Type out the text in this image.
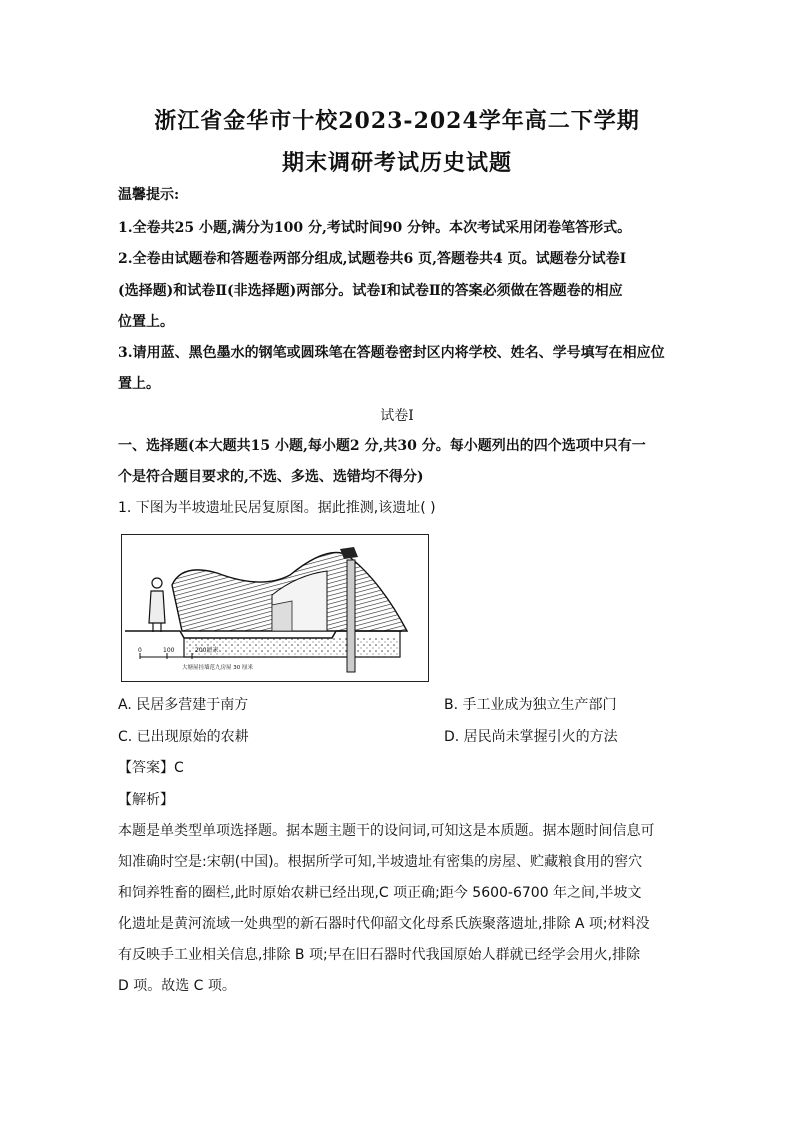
浙江省金华市十校2023-2024学年高二下学期
期末调研考试历史试题
温馨提示:
1.全卷共25 小题,满分为100 分,考试时间90 分钟。本次考试采用闭卷笔答形式。
2.全卷由试题卷和答题卷两部分组成,试题卷共6 页,答题卷共4 页。试题卷分试卷Ⅰ
(选择题)和试卷Ⅱ(非选择题)两部分。试卷Ⅰ和试卷Ⅱ的答案必须做在答题卷的相应
位置上。
3.请用蓝、黑色墨水的钢笔或圆珠笔在答题卷密封区内将学校、姓名、学号填写在相应位
置上。
试卷Ⅰ
一、选择题(本大题共15 小题,每小题2 分,共30 分。每小题列出的四个选项中只有一
个是符合题目要求的,不选、多选、选错均不得分)
1. 下图为半坡遗址民居复原图。据此推测,该遗址( )
0	100	200厘米
大塘屋挂墙范九房屋 30 厘米
A. 民居多营建于南方	B. 手工业成为独立生产部门
C. 已出现原始的农耕	D. 居民尚未掌握引火的方法
【答案】C
【解析】
本题是单类型单项选择题。据本题主题干的设问词,可知这是本质题。据本题时间信息可
知准确时空是:宋朝(中国)。根据所学可知,半坡遗址有密集的房屋、贮藏粮食用的窖穴
和饲养牲畜的圈栏,此时原始农耕已经出现,C 项正确;距今 5600-6700 年之间,半坡文
化遗址是黄河流域一处典型的新石器时代仰韶文化母系氏族聚落遗址,排除 A 项;材料没
有反映手工业相关信息,排除 B 项;早在旧石器时代我国原始人群就已经学会用火,排除
D 项。故选 C 项。
